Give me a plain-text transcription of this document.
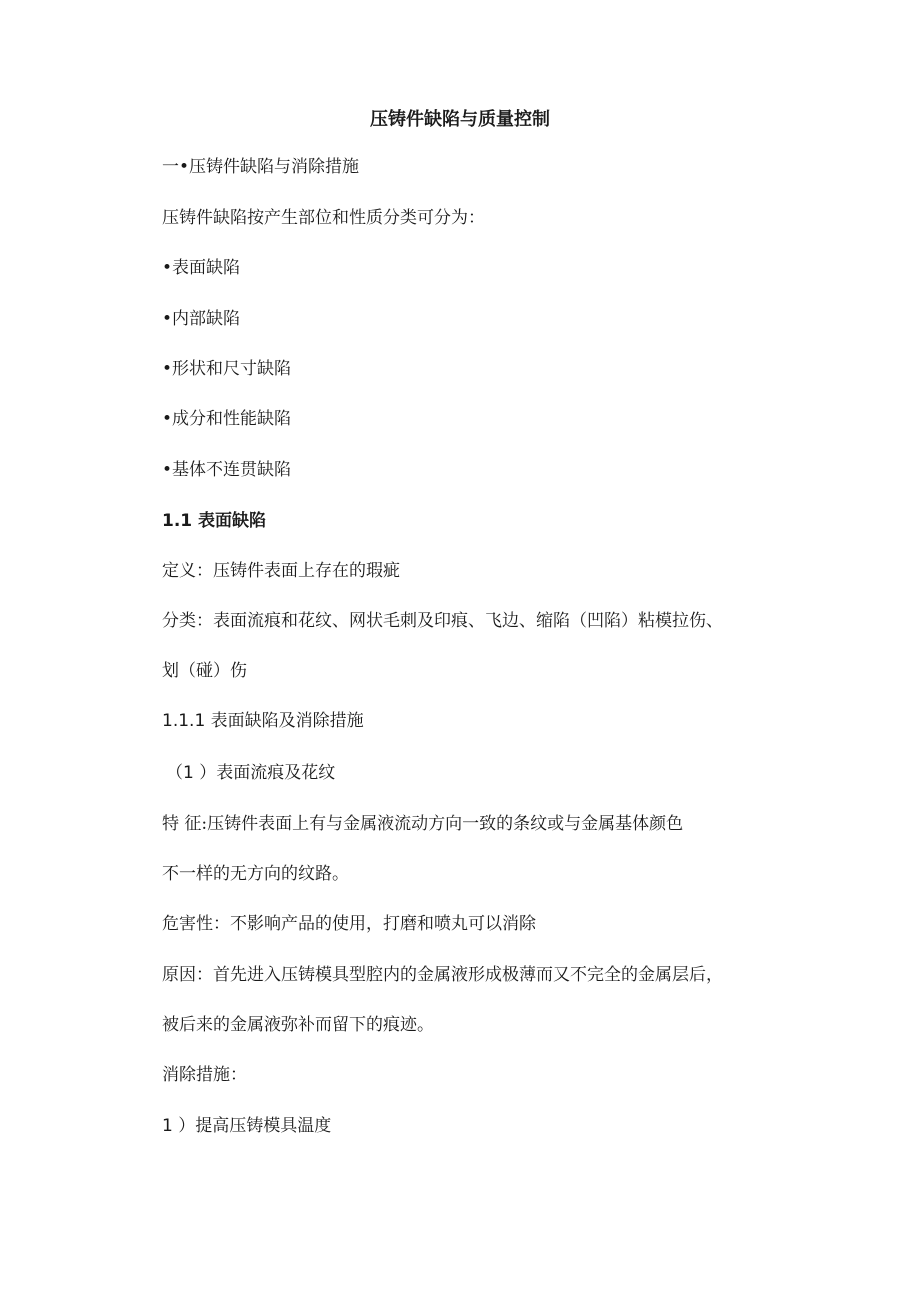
压铸件缺陷与质量控制
一•压铸件缺陷与消除措施
压铸件缺陷按产生部位和性质分类可分为：
•表面缺陷
•内部缺陷
•形状和尺寸缺陷
•成分和性能缺陷
•基体不连贯缺陷
1.1 表面缺陷
定义：压铸件表面上存在的瑕疵
分类：表面流痕和花纹、网状毛刺及印痕、飞边、缩陷（凹陷）粘模拉伤、
划（碰）伤
1.1.1 表面缺陷及消除措施
（1 ）表面流痕及花纹
特 征:压铸件表面上有与金属液流动方向一致的条纹或与金属基体颜色
不一样的无方向的纹路。
危害性：不影响产品的使用，打磨和喷丸可以消除
原因：首先进入压铸模具型腔内的金属液形成极薄而又不完全的金属层后，
被后来的金属液弥补而留下的痕迹。
消除措施：
1 ）提高压铸模具温度
